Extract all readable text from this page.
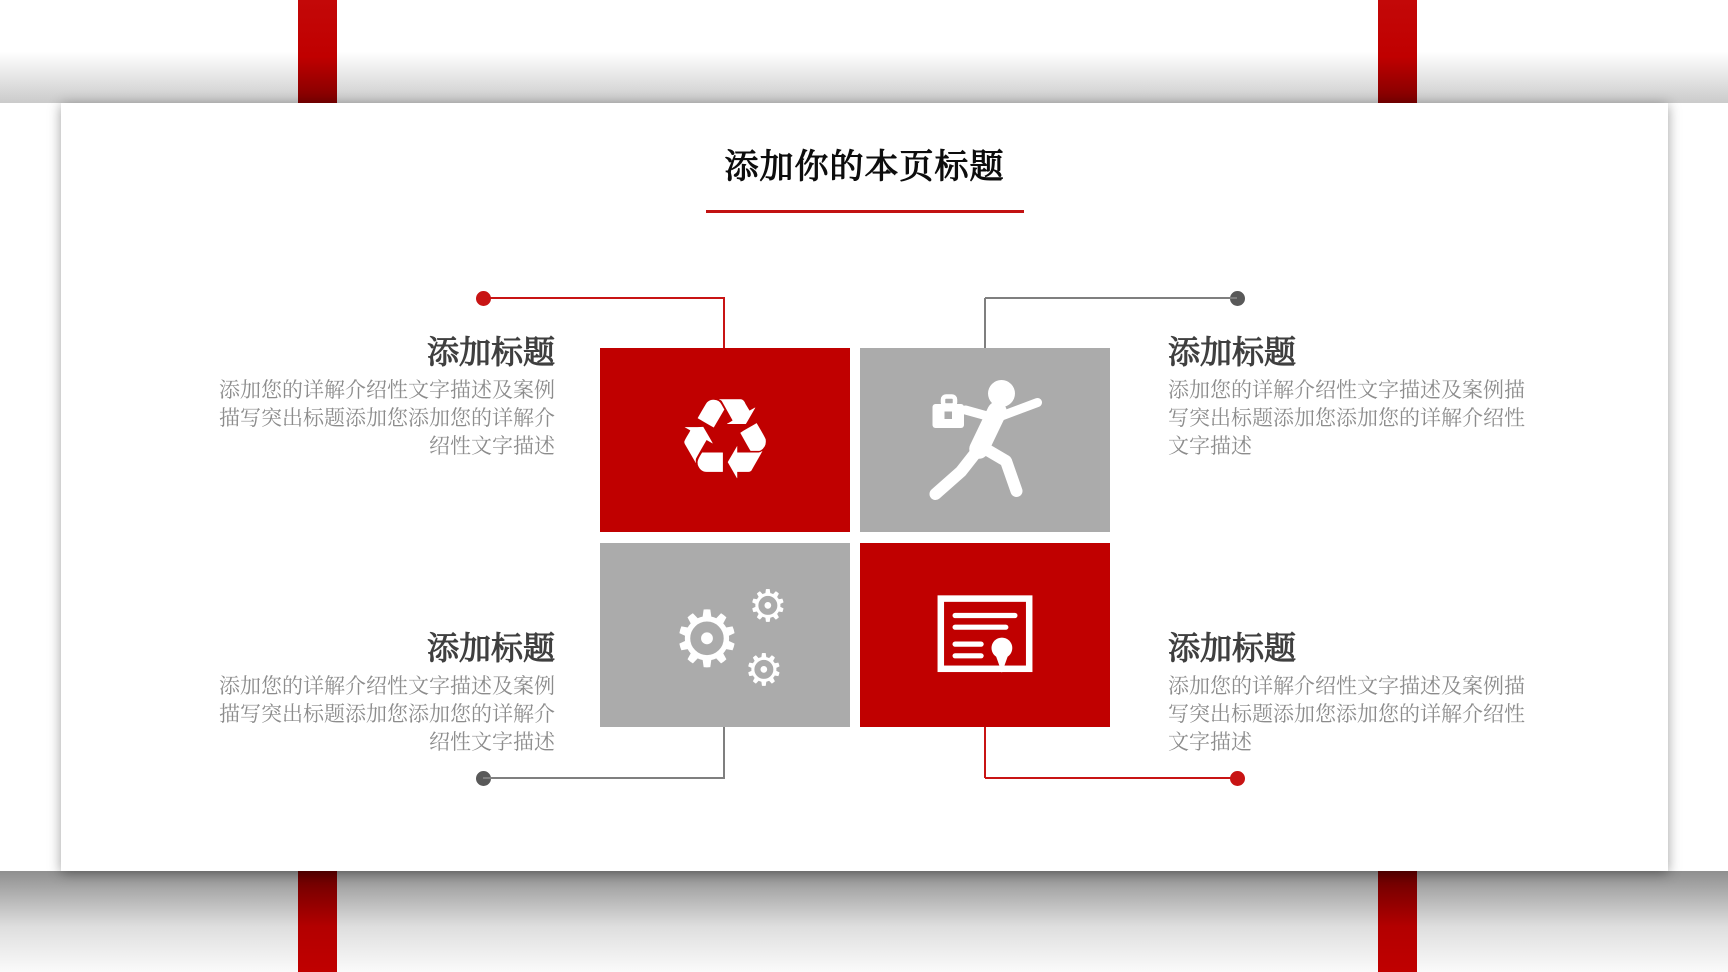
添加你的本页标题
♻
⚙ ⚙
⚙
添加标题

添加您的详解介绍性文字描述及案例描写突出标题添加您添加您的详解介绍性文字描述

添加标题

添加您的详解介绍性文字描述及案例描写突出标题添加您添加您的详解介绍性文字描述

添加标题

添加您的详解介绍性文字描述及案例描写突出标题添加您添加您的详解介绍性文字描述

添加标题

添加您的详解介绍性文字描述及案例描写突出标题添加您添加您的详解介绍性文字描述
